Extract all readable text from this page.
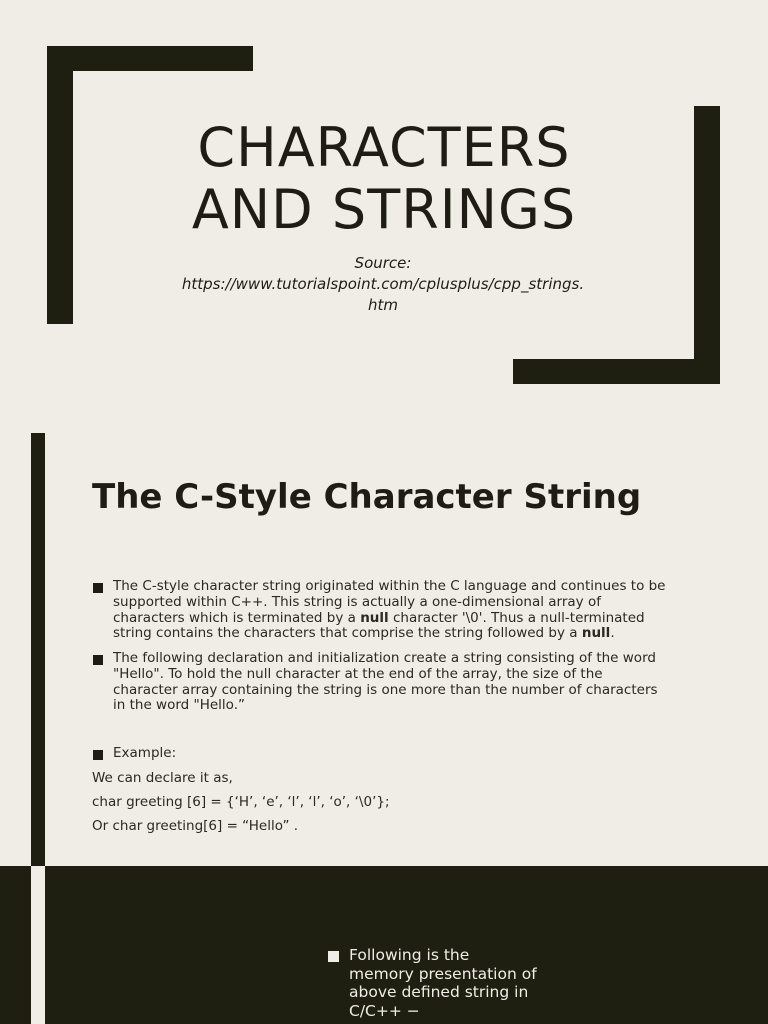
CHARACTERS
AND STRINGS
Source:
https://www.tutorialspoint.com/cplusplus/cpp_strings.
htm
The C-Style Character String
The C-style character string originated within the C language and continues to be
supported within C++. This string is actually a one-dimensional array of
characters which is terminated by a null character '\0'. Thus a null-terminated
string contains the characters that comprise the string followed by a null.
The following declaration and initialization create a string consisting of the word
"Hello". To hold the null character at the end of the array, the size of the
character array containing the string is one more than the number of characters
in the word "Hello.”
Example:
We can declare it as,
char greeting [6] = {‘H’, ‘e’, ‘l’, ‘l’, ‘o’, ‘\0’};
Or char greeting[6] = “Hello” .
Following is the
memory presentation of
above defined string in
C/C++ −
